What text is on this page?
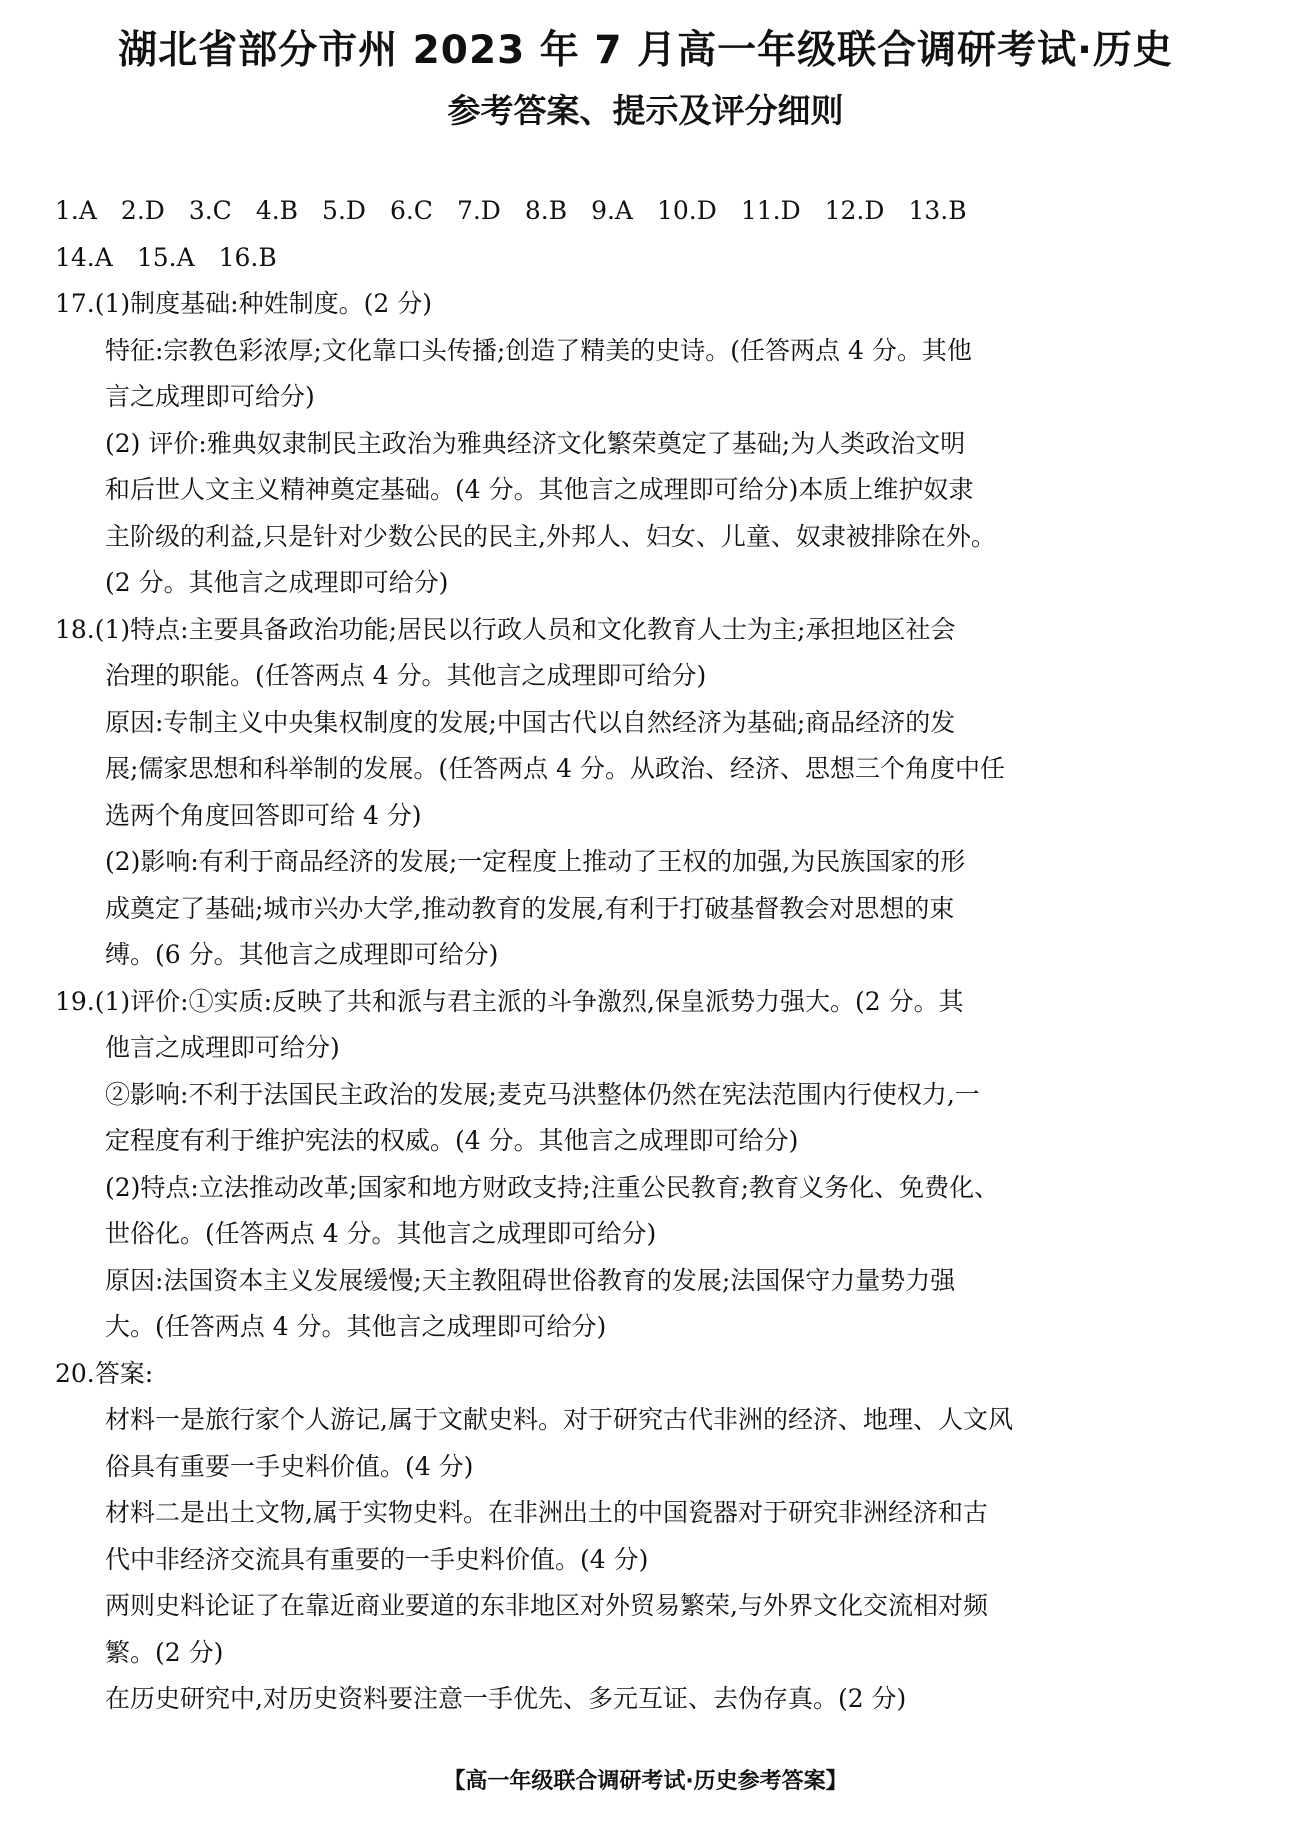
湖北省部分市州 2023 年 7 月高一年级联合调研考试·历史
参考答案、提示及评分细则
1.A 2.D 3.C 4.B 5.D 6.C 7.D 8.B 9.A 10.D 11.D 12.D 13.B
14.A 15.A 16.B
17.(1)制度基础:种姓制度。(2 分)
特征:宗教色彩浓厚;文化靠口头传播;创造了精美的史诗。(任答两点 4 分。其他
言之成理即可给分)
(2) 评价:雅典奴隶制民主政治为雅典经济文化繁荣奠定了基础;为人类政治文明
和后世人文主义精神奠定基础。(4 分。其他言之成理即可给分)本质上维护奴隶
主阶级的利益,只是针对少数公民的民主,外邦人、妇女、儿童、奴隶被排除在外。
(2 分。其他言之成理即可给分)
18.(1)特点:主要具备政治功能;居民以行政人员和文化教育人士为主;承担地区社会
治理的职能。(任答两点 4 分。其他言之成理即可给分)
原因:专制主义中央集权制度的发展;中国古代以自然经济为基础;商品经济的发
展;儒家思想和科举制的发展。(任答两点 4 分。从政治、经济、思想三个角度中任
选两个角度回答即可给 4 分)
(2)影响:有利于商品经济的发展;一定程度上推动了王权的加强,为民族国家的形
成奠定了基础;城市兴办大学,推动教育的发展,有利于打破基督教会对思想的束
缚。(6 分。其他言之成理即可给分)
19.(1)评价:①实质:反映了共和派与君主派的斗争激烈,保皇派势力强大。(2 分。其
他言之成理即可给分)
②影响:不利于法国民主政治的发展;麦克马洪整体仍然在宪法范围内行使权力,一
定程度有利于维护宪法的权威。(4 分。其他言之成理即可给分)
(2)特点:立法推动改革;国家和地方财政支持;注重公民教育;教育义务化、免费化、
世俗化。(任答两点 4 分。其他言之成理即可给分)
原因:法国资本主义发展缓慢;天主教阻碍世俗教育的发展;法国保守力量势力强
大。(任答两点 4 分。其他言之成理即可给分)
20.答案:
材料一是旅行家个人游记,属于文献史料。对于研究古代非洲的经济、地理、人文风
俗具有重要一手史料价值。(4 分)
材料二是出土文物,属于实物史料。在非洲出土的中国瓷器对于研究非洲经济和古
代中非经济交流具有重要的一手史料价值。(4 分)
两则史料论证了在靠近商业要道的东非地区对外贸易繁荣,与外界文化交流相对频
繁。(2 分)
在历史研究中,对历史资料要注意一手优先、多元互证、去伪存真。(2 分)
【高一年级联合调研考试·历史参考答案】
